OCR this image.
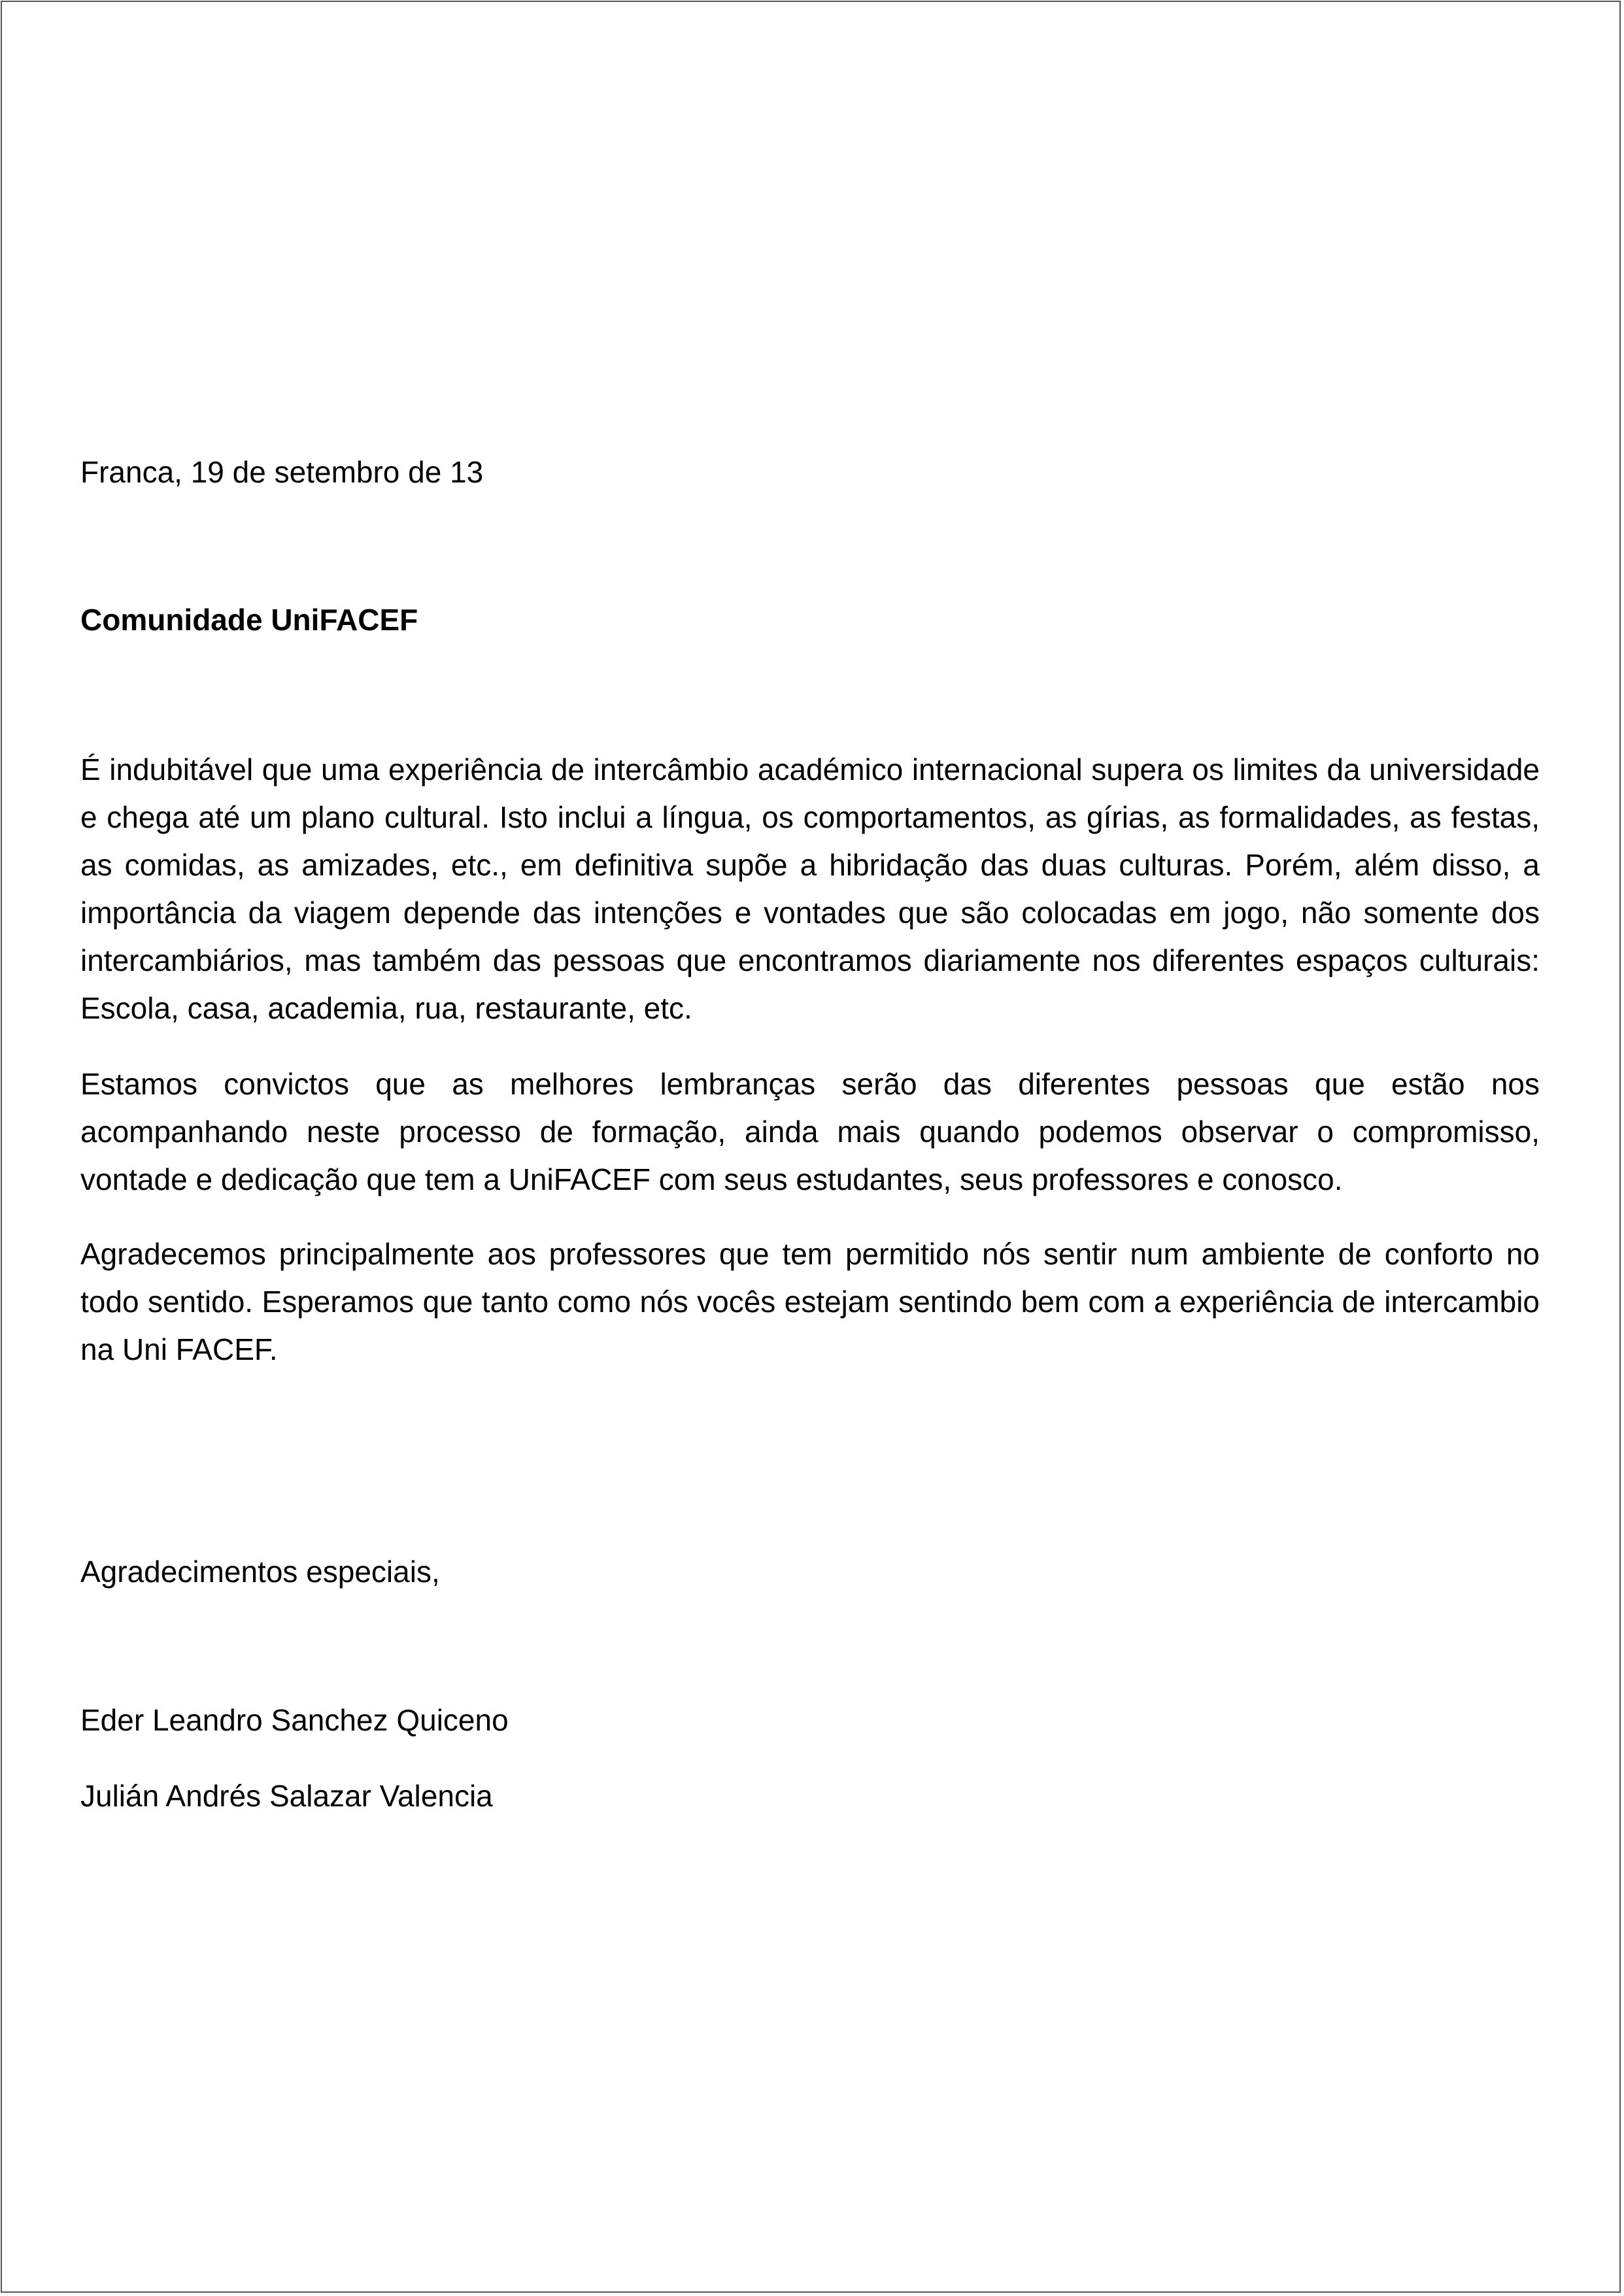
Franca, 19 de setembro de 13
Comunidade UniFACEF
É indubitável que uma experiência de intercâmbio académico internacional supera os limites da universidade e chega até um plano cultural. Isto inclui a língua, os comportamentos, as gírias, as formalidades, as festas, as comidas, as amizades, etc., em definitiva supõe a hibridação das duas culturas. Porém, além disso, a importância da viagem depende das intenções e vontades que são colocadas em jogo, não somente dos intercambiários, mas também das pessoas que encontramos diariamente nos diferentes espaços culturais: Escola, casa, academia, rua, restaurante, etc.
Estamos convictos que as melhores lembranças serão das diferentes pessoas que estão nos acompanhando neste processo de formação, ainda mais quando podemos observar o compromisso, vontade e dedicação que tem a UniFACEF com seus estudantes, seus professores e conosco.
Agradecemos principalmente aos professores que tem permitido nós sentir num ambiente de conforto no todo sentido. Esperamos que tanto como nós vocês estejam sentindo bem com a experiência de intercambio na Uni FACEF.
Agradecimentos especiais,
Eder Leandro Sanchez Quiceno
Julián Andrés Salazar Valencia
